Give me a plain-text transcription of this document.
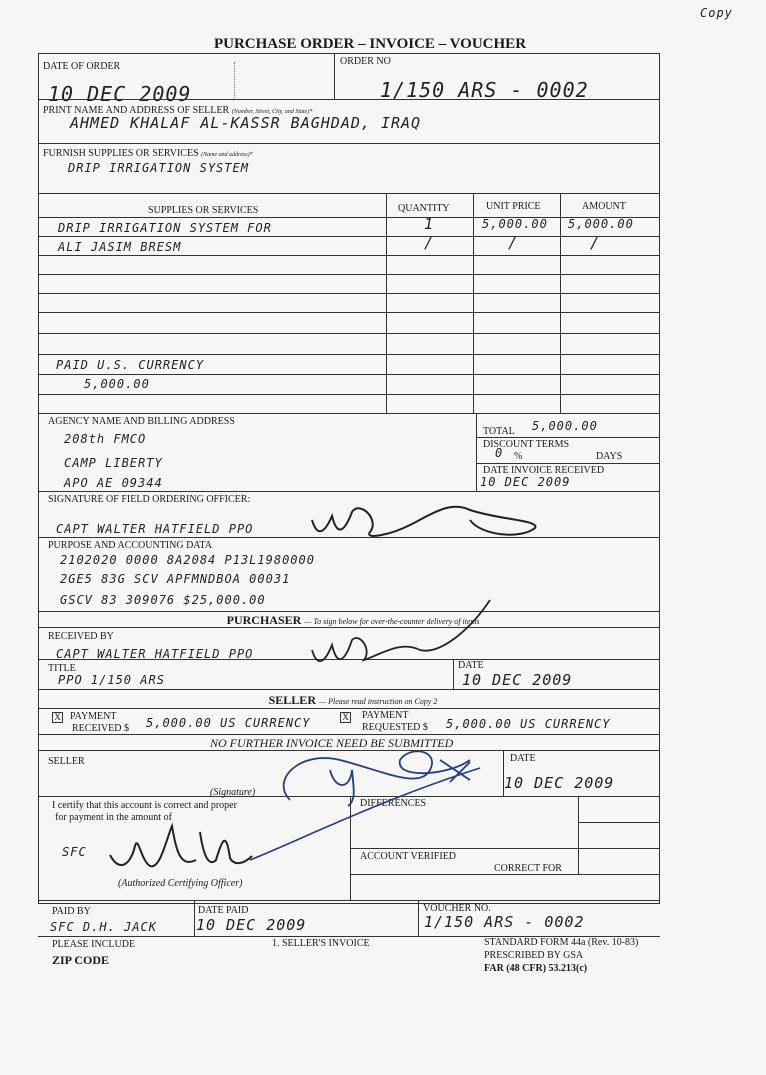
Copy
PURCHASE ORDER – INVOICE – VOUCHER
DATE OF ORDER
10 DEC 2009
ORDER NO
1/150 ARS - 0002
PRINT NAME AND ADDRESS OF SELLER (Number, Street, City, and State)*
AHMED KHALAF AL-KASSR BAGHDAD, IRAQ
FURNISH SUPPLIES OR SERVICES (Name and address)*
DRIP IRRIGATION SYSTEM
SUPPLIES OR SERVICES	QUANTITY	UNIT PRICE	AMOUNT
DRIP IRRIGATION SYSTEM FOR	1	5,000.00 5,000.00
ALI JASIM BRESM	/	/	/
PAID U.S. CURRENCY
5,000.00
AGENCY NAME AND BILLING ADDRESS
208th FMCO
CAMP LIBERTY
APO AE 09344
TOTAL 5,000.00
DISCOUNT TERMS
0 %	DAYS
DATE INVOICE RECEIVED
10 DEC 2009
SIGNATURE OF FIELD ORDERING OFFICER:
CAPT WALTER HATFIELD PPO
PURPOSE AND ACCOUNTING DATA
2102020 0000 8A2084 P13L1980000
2GE5 83G SCV APFMNDBOA 00031
GSCV 83 309076 $25,000.00
PURCHASER — To sign below for over-the-counter delivery of items
RECEIVED BY
CAPT WALTER HATFIELD PPO
TITLE
PPO 1/150 ARS
DATE
10 DEC 2009
SELLER — Please read instruction on Copy 2
X PAYMENT
RECEIVED $ 5,000.00 US CURRENCY	X PAYMENT
REQUESTED $ 5,000.00 US CURRENCY
NO FURTHER INVOICE NEED BE SUBMITTED
SELLER
(Signature)
DATE
10 DEC 2009
I certify that this account is correct and proper
for payment in the amount of
SFC
(Authorized Certifying Officer)
DIFFERENCES
ACCOUNT VERIFIED
CORRECT FOR
PAID BY
SFC D.H. JACK
DATE PAID
10 DEC 2009
VOUCHER NO.
1/150 ARS - 0002
PLEASE INCLUDE
ZIP CODE
1. SELLER'S INVOICE	STANDARD FORM 44a (Rev. 10-83)
PRESCRIBED BY GSA
FAR (48 CFR) 53.213(c)
